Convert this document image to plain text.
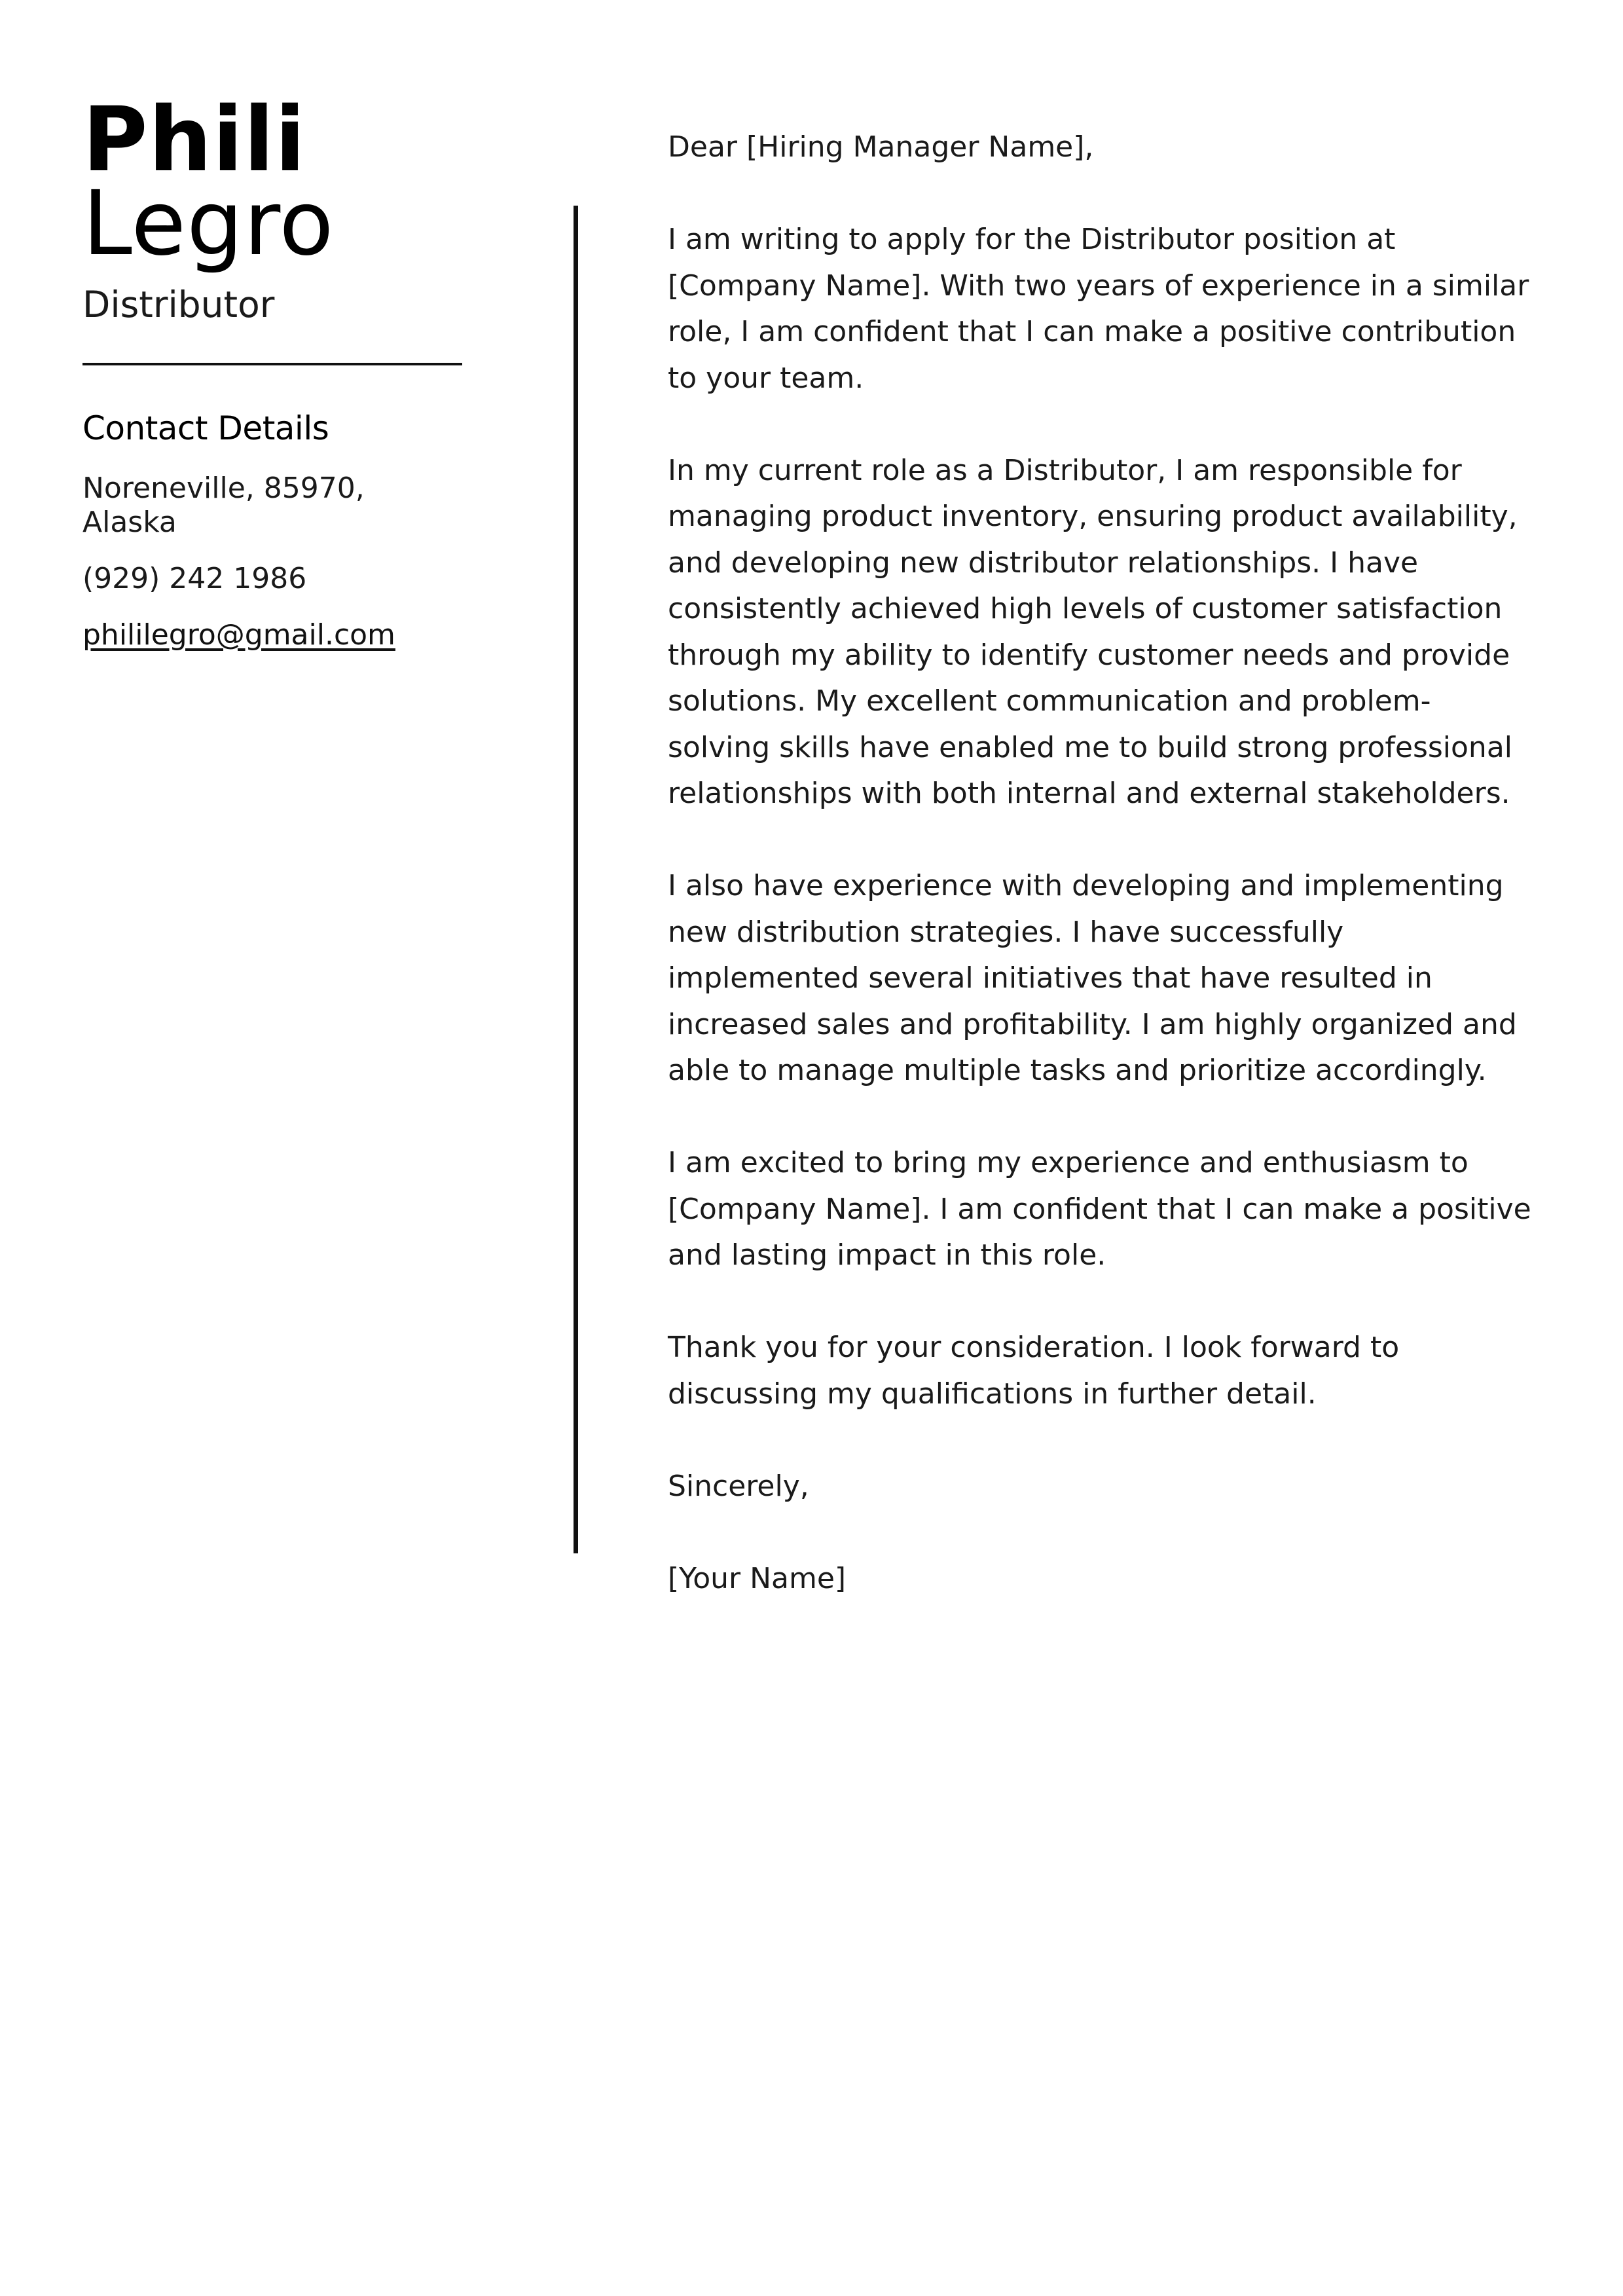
Phili
Legro
Distributor
Contact Details
Noreneville, 85970, Alaska
(929) 242 1986
phililegro@gmail.com

Dear [Hiring Manager Name],

I am writing to apply for the Distributor position at [Company Name]. With two years of experience in a similar role, I am confident that I can make a positive contribution to your team.

In my current role as a Distributor, I am responsible for managing product inventory, ensuring product availability, and developing new distributor relationships. I have consistently achieved high levels of customer satisfaction through my ability to identify customer needs and provide solutions. My excellent communication and problem-solving skills have enabled me to build strong professional relationships with both internal and external stakeholders.

I also have experience with developing and implementing new distribution strategies. I have successfully implemented several initiatives that have resulted in increased sales and profitability. I am highly organized and able to manage multiple tasks and prioritize accordingly.

I am excited to bring my experience and enthusiasm to [Company Name]. I am confident that I can make a positive and lasting impact in this role.

Thank you for your consideration. I look forward to discussing my qualifications in further detail.

Sincerely,

[Your Name]
